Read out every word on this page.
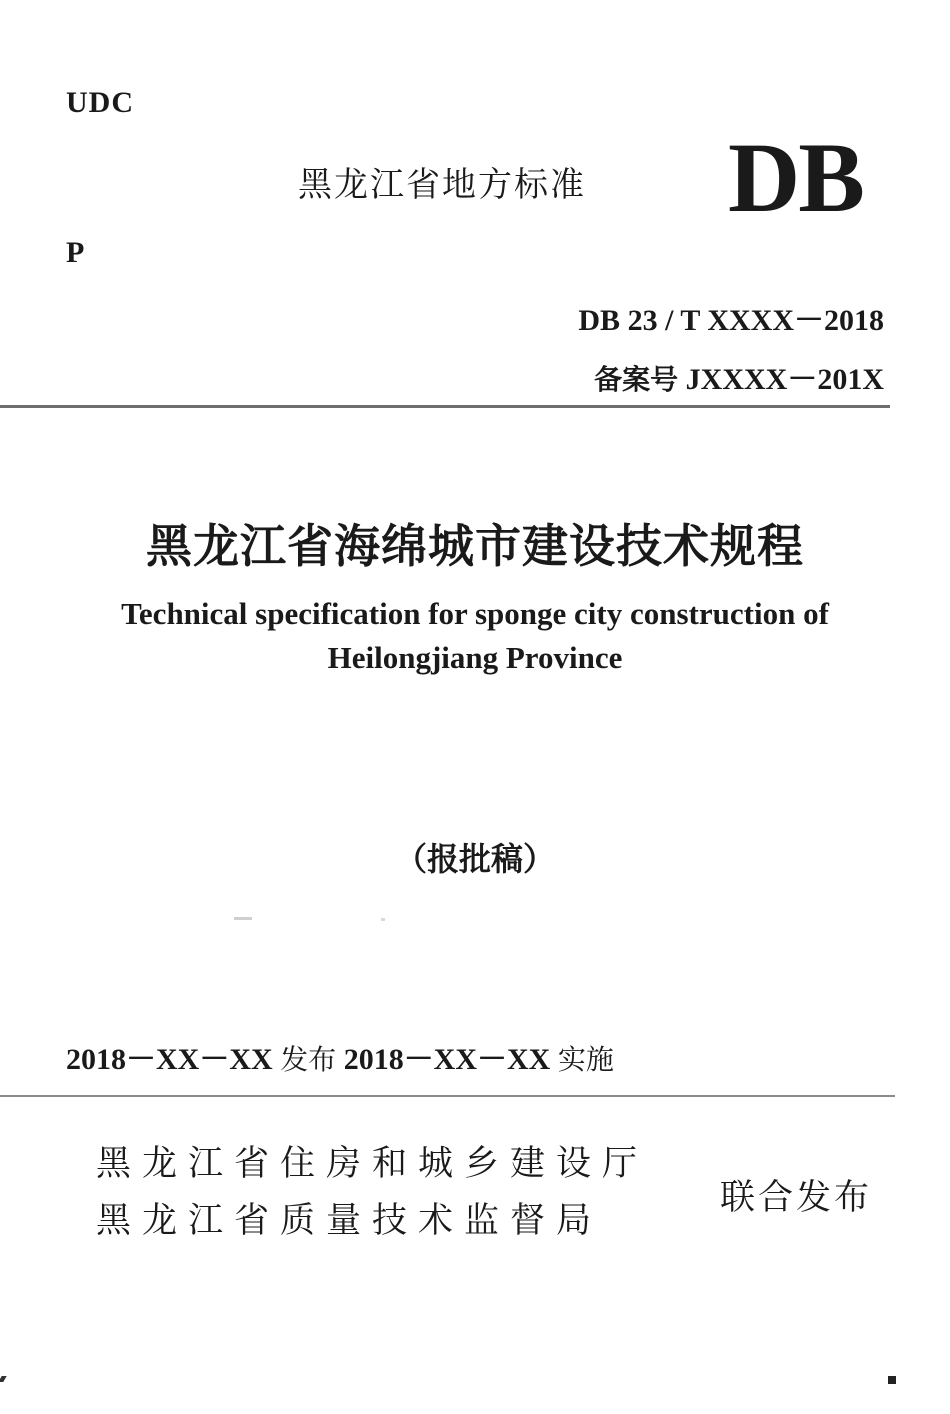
UDC
P
黑龙江省地方标准 DB
DB 23 / T XXXX－2018
备案号 JXXXX－201X
黑龙江省海绵城市建设技术规程
Technical specification for sponge city construction of
Heilongjiang Province
（报批稿）
2018－XX－XX 发布 2018－XX－XX 实施
黑龙江省住房和城乡建设厅
黑龙江省质量技术监督局
联合发布
